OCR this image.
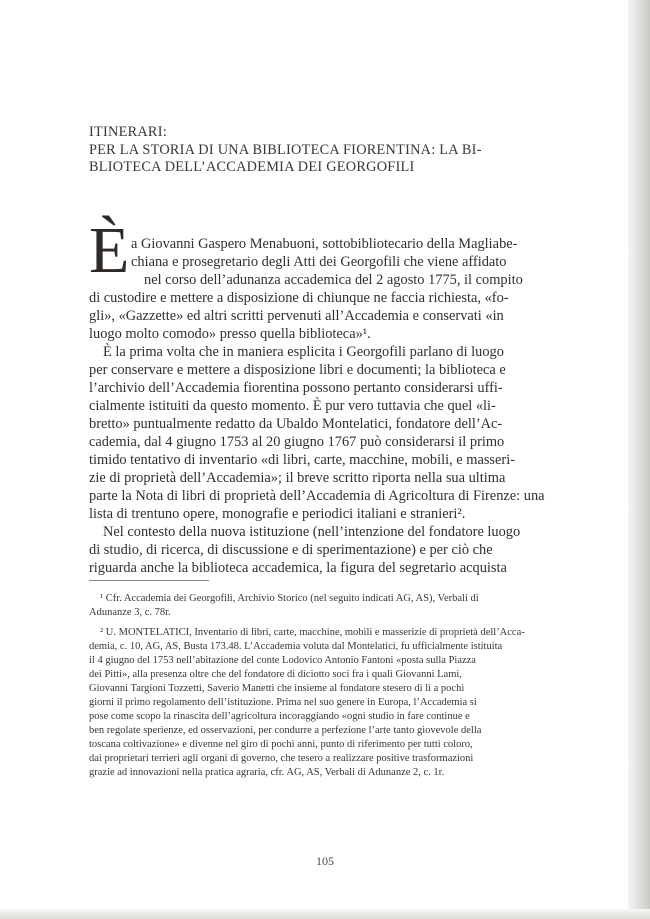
ITINERARI:
PER LA STORIA DI UNA BIBLIOTECA FIORENTINA: LA BI-
BLIOTECA DELL’ACCADEMIA DEI GEORGOFILI
È a Giovanni Gaspero Menabuoni, sottobibliotecario della Magliabe-
chiana e prosegretario degli Atti dei Georgofili che viene affidato
nel corso dell’adunanza accademica del 2 agosto 1775, il compito
di custodire e mettere a disposizione di chiunque ne faccia richiesta, «fo-
gli», «Gazzette» ed altri scritti pervenuti all’Accademia e conservati «in
luogo molto comodo» presso quella biblioteca»¹.
È la prima volta che in maniera esplicita i Georgofili parlano di luogo
per conservare e mettere a disposizione libri e documenti; la biblioteca e
l’archivio dell’Accademia fiorentina possono pertanto considerarsi uffi-
cialmente istituiti da questo momento. È pur vero tuttavia che quel «li-
bretto» puntualmente redatto da Ubaldo Montelatici, fondatore dell’Ac-
cademia, dal 4 giugno 1753 al 20 giugno 1767 può considerarsi il primo
timido tentativo di inventario «di libri, carte, macchine, mobili, e masseri-
zie di proprietà dell’Accademia»; il breve scritto riporta nella sua ultima
parte la Nota di libri di proprietà dell’Accademia di Agricoltura di Firenze: una
lista di trentuno opere, monografie e periodici italiani e stranieri².
Nel contesto della nuova istituzione (nell’intenzione del fondatore luogo
di studio, di ricerca, di discussione e di sperimentazione) e per ciò che
riguarda anche la biblioteca accademica, la figura del segretario acquista
¹ Cfr. Accademia dei Georgofili, Archivio Storico (nel seguito indicati AG, AS), Verbali di
Adunanze 3, c. 78r.
² U. MONTELATICI, Inventario di libri, carte, macchine, mobili e masserizie di proprietà dell’Acca-
demia, c. 10, AG, AS, Busta 173.48. L’Accademia voluta dal Montelatici, fu ufficialmente istituita
il 4 giugno del 1753 nell’abitazione del conte Lodovico Antonio Fantoni «posta sulla Piazza
dei Pitti», alla presenza oltre che del fondatore di diciotto soci fra i quali Giovanni Lami,
Giovanni Targioni Tozzetti, Saverio Manetti che insieme al fondatore stesero di lì a pochi
giorni il primo regolamento dell’istituzione. Prima nel suo genere in Europa, l’Accademia si
pose come scopo la rinascita dell’agricoltura incoraggiando «ogni studio in fare continue e
ben regolate sperienze, ed osservazioni, per condurre a perfezione l’arte tanto giovevole della
toscana coltivazione» e divenne nel giro di pochi anni, punto di riferimento per tutti coloro,
dai proprietari terrieri agli organi di governo, che tesero a realizzare positive trasformazioni
grazie ad innovazioni nella pratica agraria, cfr. AG, AS, Verbali di Adunanze 2, c. 1r.
105
